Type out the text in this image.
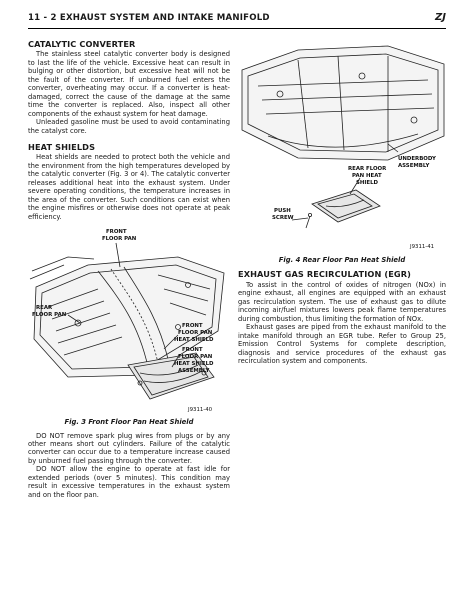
11 - 2 EXHAUST SYSTEM AND INTAKE MANIFOLD	ZJ
CATALYTIC CONVERTER

The stainless steel catalytic converter body is designed to last the life of the vehicle. Excessive heat can result in bulging or other distortion, but excessive heat will not be the fault of the converter. If unburned fuel enters the converter, overheating may occur. If a converter is heat-damaged, correct the cause of the damage at the same time the converter is replaced. Also, inspect all other components of the exhaust system for heat damage.

Unleaded gasoline must be used to avoid contaminating the catalyst core.

HEAT SHIELDS

Heat shields are needed to protect both the vehicle and the environment from the high temperatures developed by the catalytic converter (Fig. 3 or 4). The catalytic converter releases additional heat into the exhaust system. Under severe operating conditions, the temperature increases in the area of the converter. Such conditions can exist when the engine misfires or otherwise does not operate at peak efficiency.

FRONT
FLOOR PAN
REAR
FLOOR PAN
FRONT
FLOOR PAN
HEAT SHIELD
FRONT
FLOOR PAN
HEAT SHIELD
ASSEMBLY
J9311-40
Fig. 3 Front Floor Pan Heat Shield

DO NOT remove spark plug wires from plugs or by any other means short out cylinders. Failure of the catalytic converter can occur due to a temperature increase caused by unburned fuel passing through the converter.

DO NOT allow the engine to operate at fast idle for extended periods (over 5 minutes). This condition may result in excessive temperatures in the exhaust system and on the floor pan.

UNDERBODY
ASSEMBLY
REAR FLOOR
PAN HEAT
SHIELD
PUSH
SCREW
J9311-41
Fig. 4 Rear Floor Pan Heat Shield
EXHAUST GAS RECIRCULATION (EGR)

To assist in the control of oxides of nitrogen (NOx) in engine exhaust, all engines are equipped with an exhaust gas recirculation system. The use of exhaust gas to dilute incoming air/fuel mixtures lowers peak flame temperatures during combustion, thus limiting the formation of NOx.

Exhaust gases are piped from the exhaust manifold to the intake manifold through an EGR tube. Refer to Group 25, Emission Control Systems for complete description, diagnosis and service procedures of the exhaust gas recirculation system and components.
